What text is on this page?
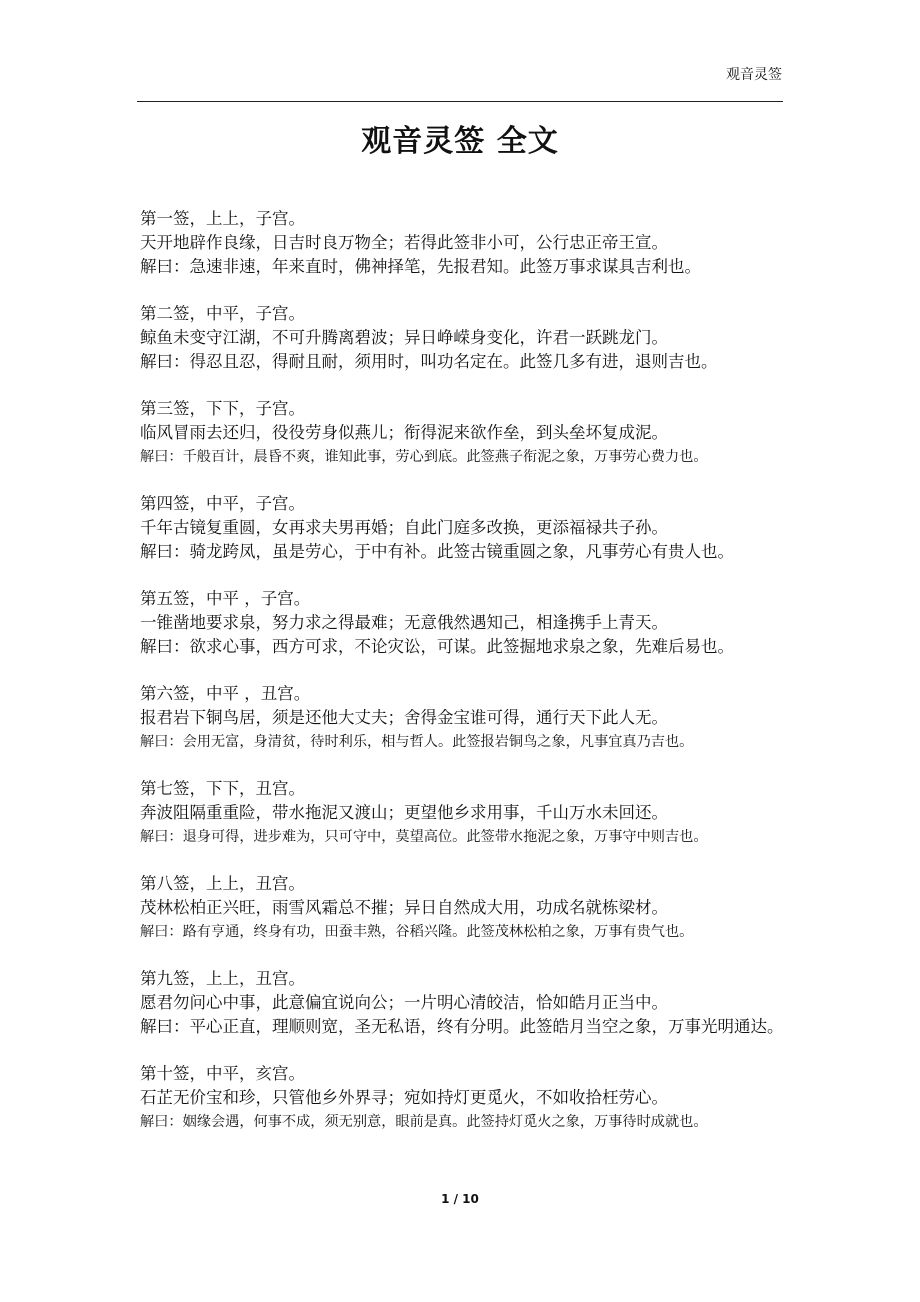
观音灵签
观音灵签 全文
第一签，上上，子宫。
天开地辟作良缘，日吉时良万物全；若得此签非小可，公行忠正帝王宣。
解曰：急速非速，年来直时，佛神择笔，先报君知。此签万事求谋具吉利也。
第二签，中平，子宫。
鲸鱼未变守江湖，不可升腾离碧波；异日峥嵘身变化，许君一跃跳龙门。
解曰：得忍且忍，得耐且耐，须用时，叫功名定在。此签几多有进，退则吉也。
第三签，下下，子宫。
临风冒雨去还归，役役劳身似燕儿；衔得泥来欲作垒，到头垒坏复成泥。
解曰：千般百计，晨昏不爽，谁知此事，劳心到底。此签燕子衔泥之象，万事劳心费力也。
第四签，中平，子宫。
千年古镜复重圆，女再求夫男再婚；自此门庭多改换，更添福禄共子孙。
解曰：骑龙跨凤，虽是劳心，于中有补。此签古镜重圆之象，凡事劳心有贵人也。
第五签，中平 ，子宫。
一锥凿地要求泉，努力求之得最难；无意俄然遇知己，相逢携手上青天。
解曰：欲求心事，西方可求，不论灾讼，可谋。此签掘地求泉之象，先难后易也。
第六签，中平 ，丑宫。
报君岩下铜鸟居，须是还他大丈夫；舍得金宝谁可得，通行天下此人无。
解曰：会用无富，身清贫，待时利乐，相与哲人。此签报岩铜鸟之象，凡事宜真乃吉也。
第七签，下下，丑宫。
奔波阻隔重重险，带水拖泥又渡山；更望他乡求用事，千山万水未回还。
解曰：退身可得，进步难为，只可守中，莫望高位。此签带水拖泥之象，万事守中则吉也。
第八签，上上，丑宫。
茂林松柏正兴旺，雨雪风霜总不摧；异日自然成大用，功成名就栋梁材。
解曰：路有亨通，终身有功，田蚕丰熟，谷稻兴隆。此签茂林松柏之象，万事有贵气也。
第九签，上上，丑宫。
愿君勿问心中事，此意偏宜说向公；一片明心清皎洁，恰如皓月正当中。
解曰：平心正直，理顺则宽，圣无私语，终有分明。此签皓月当空之象，万事光明通达。
第十签，中平，亥宫。
石芷无价宝和珍，只管他乡外界寻；宛如持灯更觅火，不如收拾枉劳心。
解曰：姻缘会遇，何事不成，须无别意，眼前是真。此签持灯觅火之象，万事待时成就也。
1 / 10
